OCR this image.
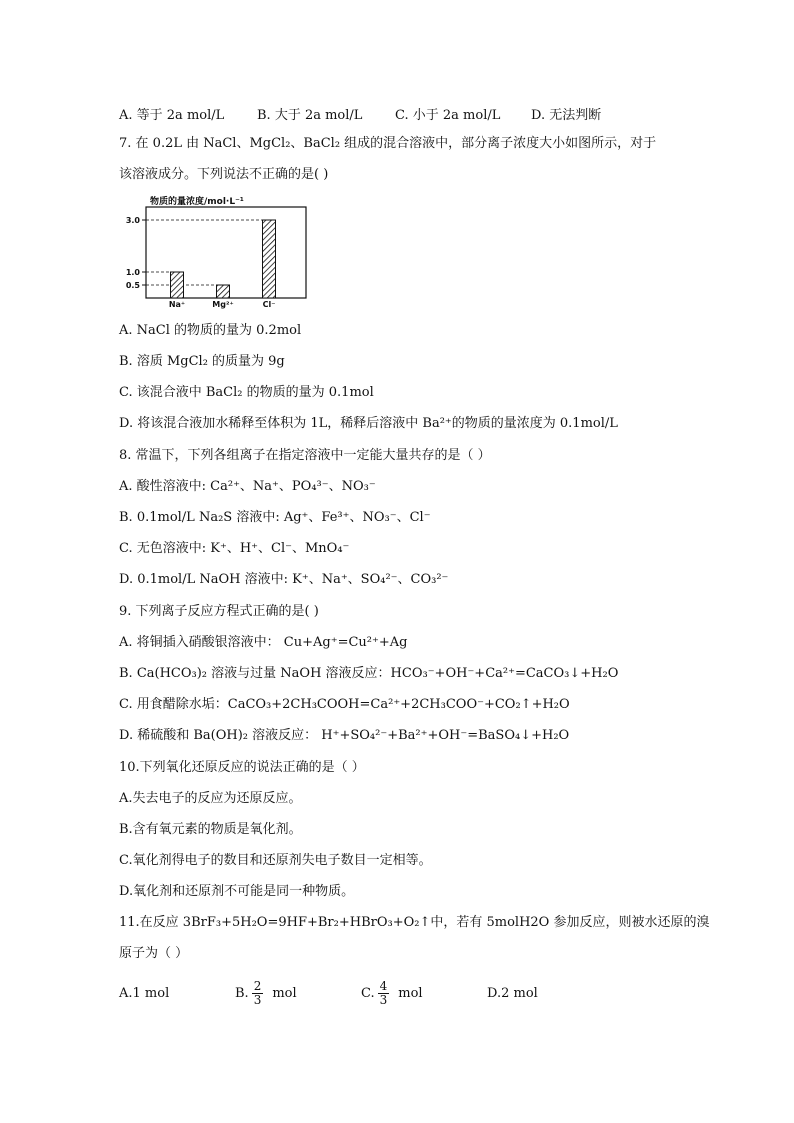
A. 等于 2a mol/L	B. 大于 2a mol/L	C. 小于 2a mol/L D. 无法判断
7. 在 0.2L 由 NaCl、MgCl₂、BaCl₂ 组成的混合溶液中，部分离子浓度大小如图所示，对于
该溶液成分。下列说法不正确的是( )
物质的量浓度/mol·L⁻¹
3.0
1.0
0.5
Na⁺	Mg²⁺	Cl⁻
A. NaCl 的物质的量为 0.2mol
B. 溶质 MgCl₂ 的质量为 9g
C. 该混合液中 BaCl₂ 的物质的量为 0.1mol
D. 将该混合液加水稀释至体积为 1L，稀释后溶液中 Ba²⁺的物质的量浓度为 0.1mol/L
8. 常温下，下列各组离子在指定溶液中一定能大量共存的是（ ）
A. 酸性溶液中: Ca²⁺、Na⁺、PO₄³⁻、NO₃⁻
B. 0.1mol/L Na₂S 溶液中: Ag⁺、Fe³⁺、NO₃⁻、Cl⁻
C. 无色溶液中: K⁺、H⁺、Cl⁻、MnO₄⁻
D. 0.1mol/L NaOH 溶液中: K⁺、Na⁺、SO₄²⁻、CO₃²⁻
9. 下列离子反应方程式正确的是( )
A. 将铜插入硝酸银溶液中： Cu+Ag⁺=Cu²⁺+Ag
B. Ca(HCO₃)₂ 溶液与过量 NaOH 溶液反应：HCO₃⁻+OH⁻+Ca²⁺=CaCO₃↓+H₂O
C. 用食醋除水垢：CaCO₃+2CH₃COOH=Ca²⁺+2CH₃COO⁻+CO₂↑+H₂O
D. 稀硫酸和 Ba(OH)₂ 溶液反应： H⁺+SO₄²⁻+Ba²⁺+OH⁻=BaSO₄↓+H₂O
10.下列氧化还原反应的说法正确的是（ ）
A.失去电子的反应为还原反应。
B.含有氧元素的物质是氧化剂。
C.氧化剂得电子的数目和还原剂失电子数目一定相等。
D.氧化剂和还原剂不可能是同一种物质。
11.在反应 3BrF₃+5H₂O=9HF+Br₂+HBrO₃+O₂↑中，若有 5molH2O 参加反应，则被水还原的溴
原子为（ ）
A.1 mol	B. $\frac{2}{3}$ mol	C. $\frac{4}{3}$ mol	D.2 mol
